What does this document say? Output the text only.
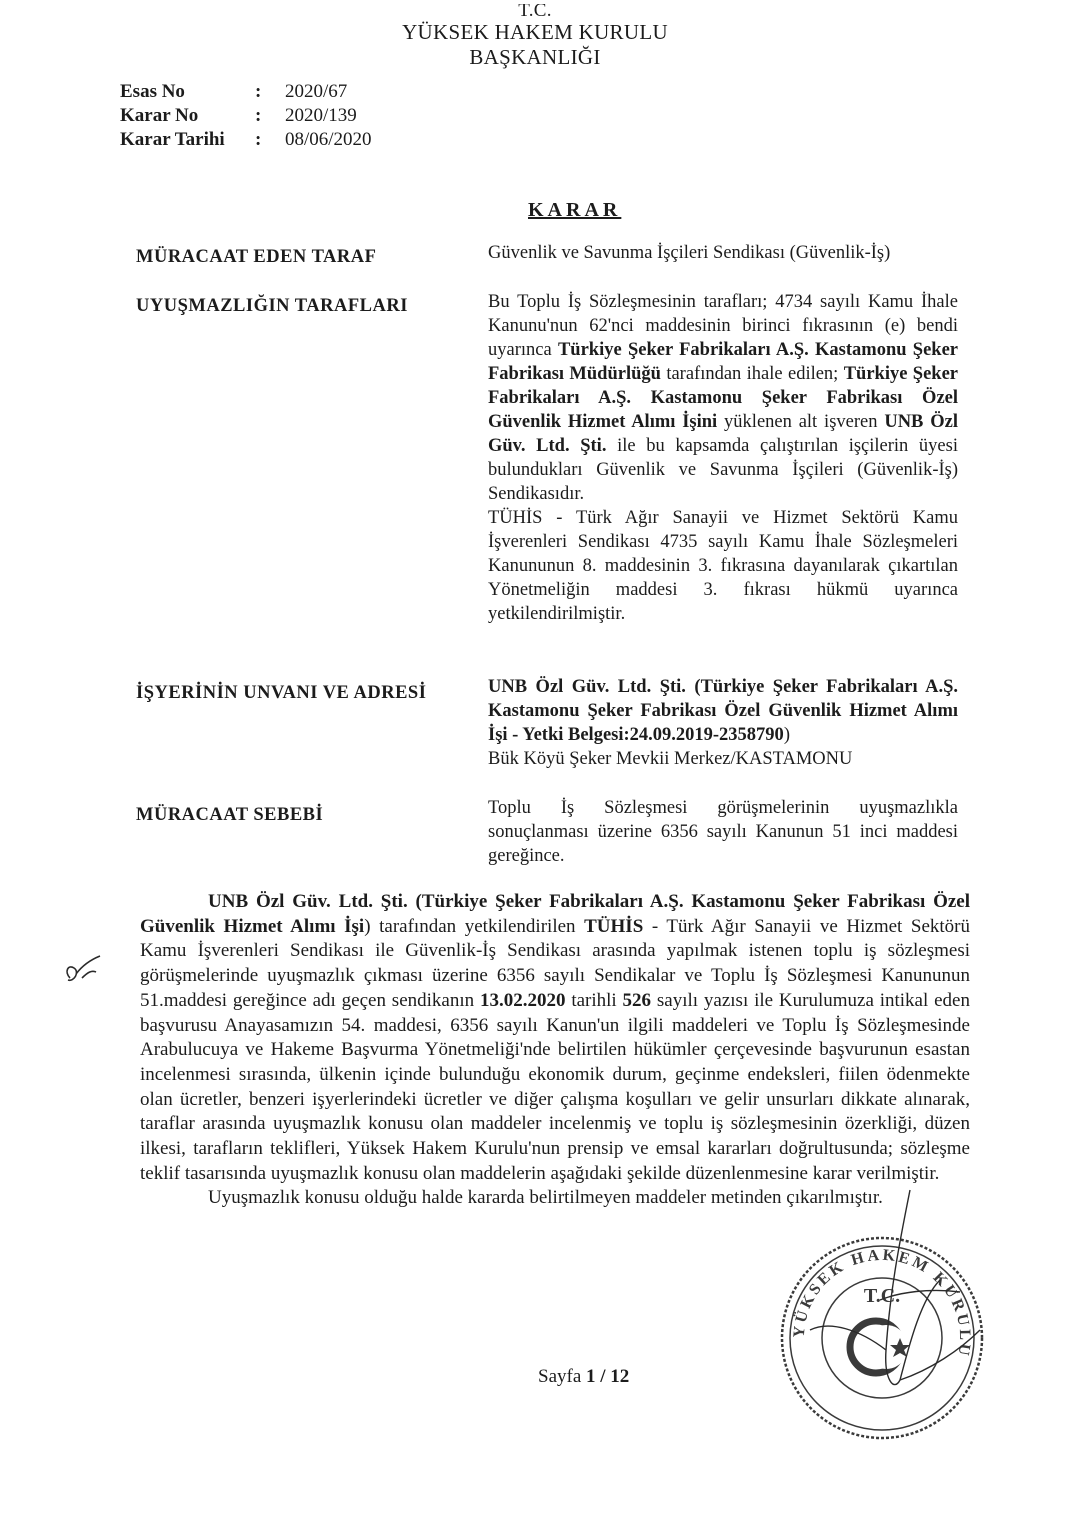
T.C.
YÜKSEK HAKEM KURULU
BAŞKANLIĞI
Esas No	:	2020/67
Karar No	:	2020/139
Karar Tarihi	:	08/06/2020
KARAR
MÜRACAAT EDEN TARAF	Güvenlik ve Savunma İşçileri Sendikası (Güvenlik-İş)
UYUŞMAZLIĞIN TARAFLARI	Bu Toplu İş Sözleşmesinin tarafları; 4734 sayılı Kamu İhale Kanunu'nun 62'nci maddesinin birinci fıkrasının (e) bendi uyarınca Türkiye Şeker Fabrikaları A.Ş. Kastamonu Şeker Fabrikası Müdürlüğü tarafından ihale edilen; Türkiye Şeker Fabrikaları A.Ş. Kastamonu Şeker Fabrikası Özel Güvenlik Hizmet Alımı İşini yüklenen alt işveren UNB Özl Güv. Ltd. Şti. ile bu kapsamda çalıştırılan işçilerin üyesi bulundukları Güvenlik ve Savunma İşçileri (Güvenlik-İş) Sendikasıdır.

TÜHİS - Türk Ağır Sanayii ve Hizmet Sektörü Kamu İşverenleri Sendikası 4735 sayılı Kamu İhale Sözleşmeleri Kanununun 8. maddesinin 3. fıkrasına dayanılarak çıkartılan Yönetmeliğin maddesi 3. fıkrası hükmü uyarınca yetkilendirilmiştir.

İŞYERİNİN UNVANI VE ADRESİ	UNB Özl Güv. Ltd. Şti. (Türkiye Şeker Fabrikaları A.Ş. Kastamonu Şeker Fabrikası Özel Güvenlik Hizmet Alımı İşi - Yetki Belgesi:24.09.2019-2358790)

Bük Köyü Şeker Mevkii Merkez/KASTAMONU

MÜRACAAT SEBEBİ	Toplu İş Sözleşmesi görüşmelerinin uyuşmazlıkla sonuçlanması üzerine 6356 sayılı Kanunun 51 inci maddesi gereğince.

UNB Özl Güv. Ltd. Şti. (Türkiye Şeker Fabrikaları A.Ş. Kastamonu Şeker Fabrikası Özel Güvenlik Hizmet Alımı İşi) tarafından yetkilendirilen TÜHİS - Türk Ağır Sanayii ve Hizmet Sektörü Kamu İşverenleri Sendikası ile Güvenlik-İş Sendikası arasında yapılmak istenen toplu iş sözleşmesi görüşmelerinde uyuşmazlık çıkması üzerine 6356 sayılı Sendikalar ve Toplu İş Sözleşmesi Kanununun 51.maddesi gereğince adı geçen sendikanın 13.02.2020 tarihli 526 sayılı yazısı ile Kurulumuza intikal eden başvurusu Anayasamızın 54. maddesi, 6356 sayılı Kanun'un ilgili maddeleri ve Toplu İş Sözleşmesinde Arabulucuya ve Hakeme Başvurma Yönetmeliği'nde belirtilen hükümler çerçevesinde başvurunun esastan incelenmesi sırasında, ülkenin içinde bulunduğu ekonomik durum, geçinme endeksleri, fiilen ödenmekte olan ücretler, benzeri işyerlerindeki ücretler ve diğer çalışma koşulları ve gelir unsurları dikkate alınarak, taraflar arasında uyuşmazlık konusu olan maddeler incelenmiş ve toplu iş sözleşmesinin özerkliği, düzen ilkesi, tarafların teklifleri, Yüksek Hakem Kurulu'nun prensip ve emsal kararları doğrultusunda; sözleşme teklif tasarısında uyuşmazlık konusu olan maddelerin aşağıdaki şekilde düzenlenmesine karar verilmiştir.

Uyuşmazlık konusu olduğu halde kararda belirtilmeyen maddeler metinden çıkarılmıştır.

YÜKSEK HAKEM KURULU
T.C.
Sayfa 1 / 12
